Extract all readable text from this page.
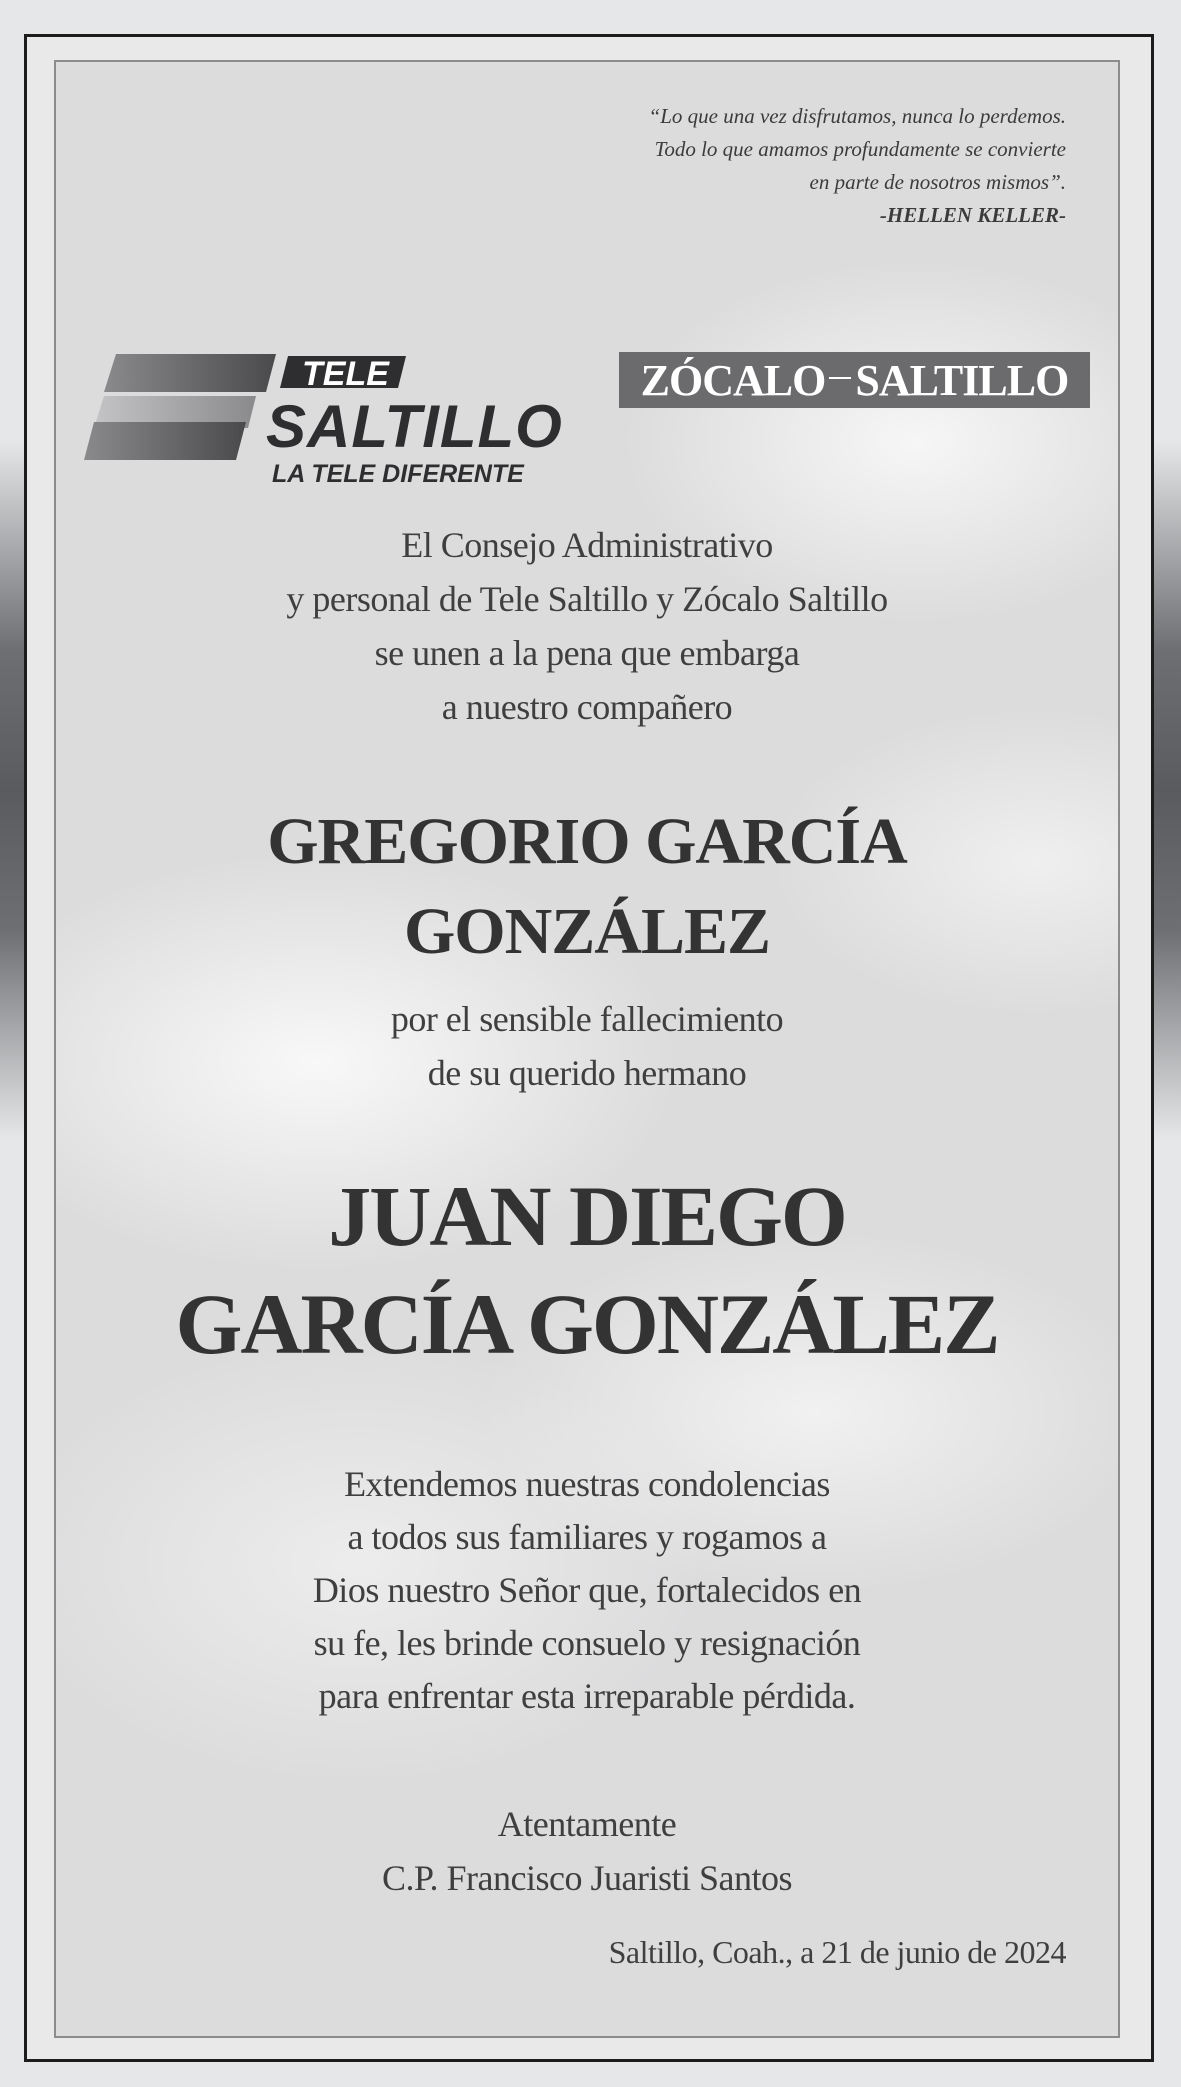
“Lo que una vez disfrutamos, nunca lo perdemos.
Todo lo que amamos profundamente se convierte
en parte de nosotros mismos”.
-HELLEN KELLER-
TELE
SALTILLO
LA TELE DIFERENTE
ZÓCALO SALTILLO
El Consejo Administrativo
y personal de Tele Saltillo y Zócalo Saltillo
se unen a la pena que embarga
a nuestro compañero
GREGORIO GARCÍA
GONZÁLEZ
por el sensible fallecimiento
de su querido hermano
JUAN DIEGO
GARCÍA GONZÁLEZ
Extendemos nuestras condolencias
a todos sus familiares y rogamos a
Dios nuestro Señor que, fortalecidos en
su fe, les brinde consuelo y resignación
para enfrentar esta irreparable pérdida.
Atentamente
C.P. Francisco Juaristi Santos
Saltillo, Coah., a 21 de junio de 2024
